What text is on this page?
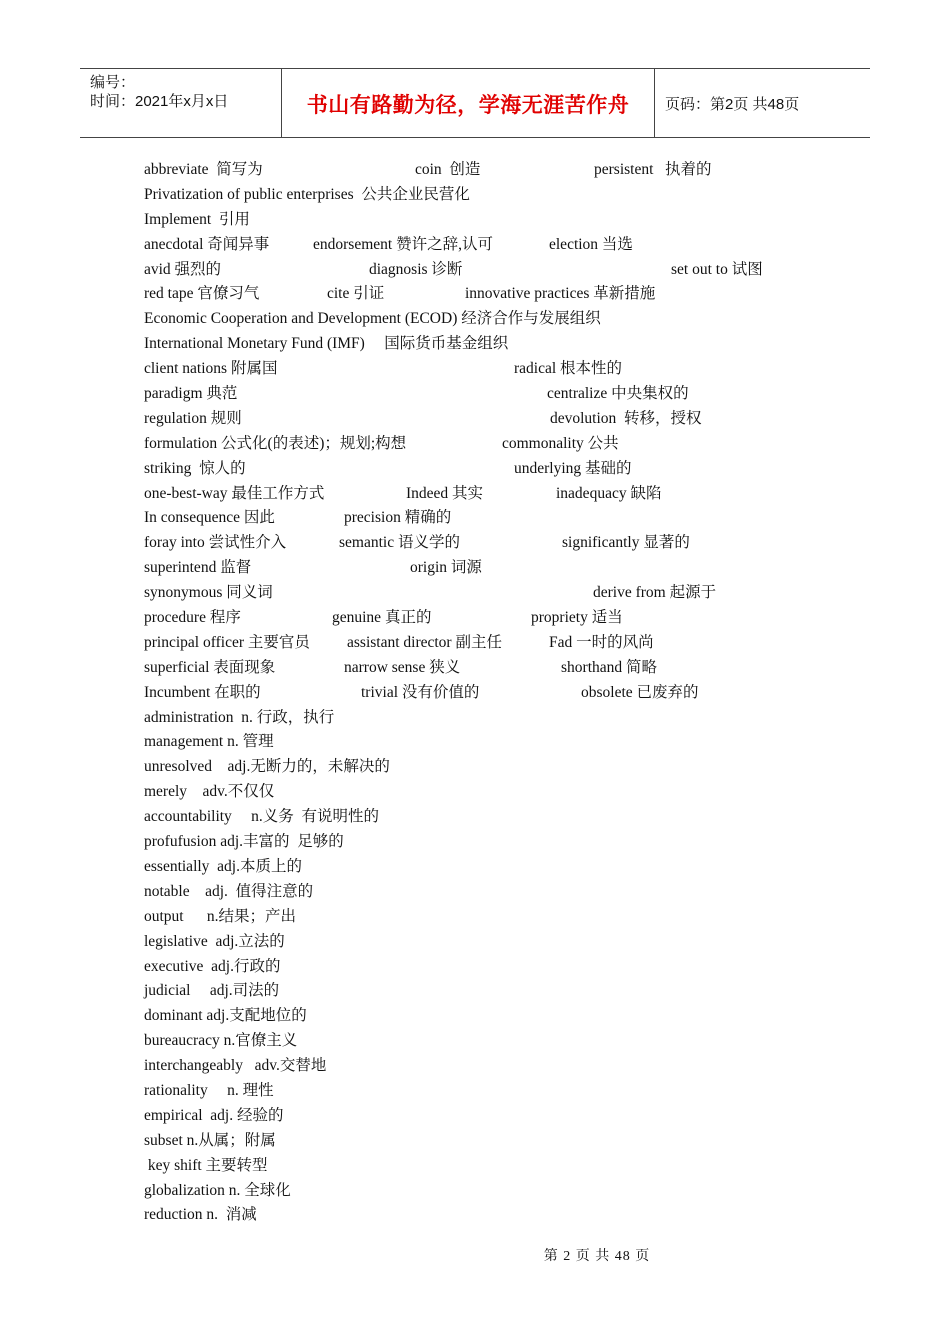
编号：
时间：2021年x月x日	书山有路勤为径，学海无涯苦作舟	页码：第2页 共48页
abbreviate  简写为	coin  创造	persistent   执着的
Privatization of public enterprises  公共企业民营化
Implement  引用
anecdotal 奇闻异事	endorsement 赞许之辞,认可	election 当选
avid 强烈的	diagnosis 诊断	set out to 试图
red tape 官僚习气	cite 引证	innovative practices 革新措施
Economic Cooperation and Development (ECOD) 经济合作与发展组织
International Monetary Fund (IMF)     国际货币基金组织
client nations 附属国	radical 根本性的
paradigm 典范	centralize 中央集权的
regulation 规则	devolution  转移，授权
formulation 公式化(的表述)；规划;构想	commonality 公共
striking  惊人的	underlying 基础的
one-best-way 最佳工作方式	Indeed 其实	inadequacy 缺陷
In consequence 因此	precision 精确的
foray into 尝试性介入	semantic 语义学的	significantly 显著的
superintend 监督	origin 词源
synonymous 同义词	derive from 起源于
procedure 程序	genuine 真正的	propriety 适当
principal officer 主要官员 assistant director 副主任	Fad 一时的风尚
superficial 表面现象	narrow sense 狭义	shorthand 简略
Incumbent 在职的	trivial 没有价值的	obsolete 已废弃的
administration  n. 行政，执行
management n. 管理
unresolved    adj.无断力的，未解决的
merely    adv.不仅仅
accountability     n.义务  有说明性的
profufusion adj.丰富的  足够的
essentially  adj.本质上的
notable    adj.  值得注意的
output      n.结果；产出
legislative  adj.立法的
executive  adj.行政的
judicial     adj.司法的
dominant adj.支配地位的
bureaucracy n.官僚主义
interchangeably   adv.交替地
rationality     n. 理性
empirical  adj. 经验的
subset n.从属；附属
key shift 主要转型
globalization n. 全球化
reduction n.  消减
第 2 页 共 48 页
